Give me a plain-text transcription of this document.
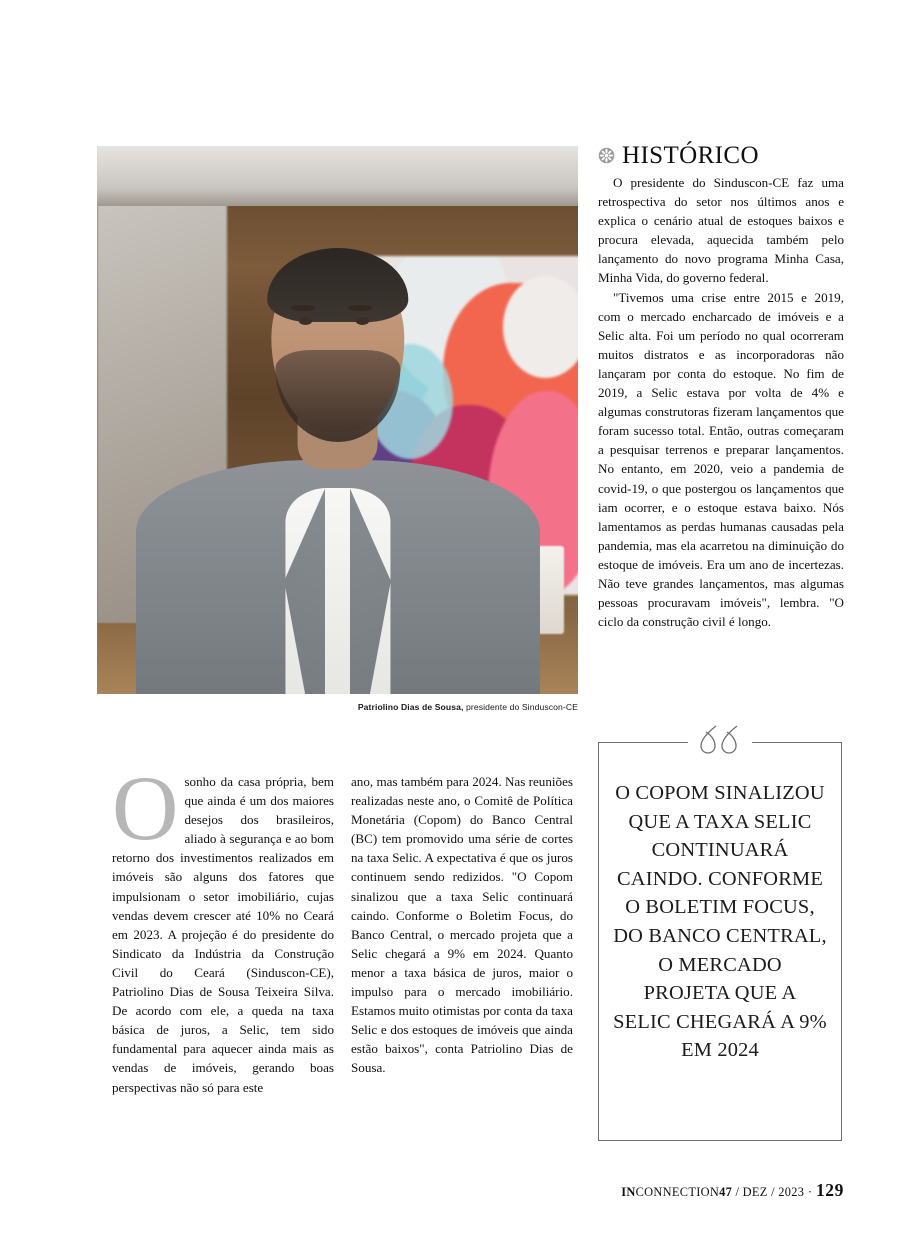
Patriolino Dias de Sousa, presidente do Sinduscon-CE
HISTÓRICO

O presidente do Sinduscon-CE faz uma retrospectiva do setor nos últimos anos e explica o cenário atual de estoques baixos e procura elevada, aquecida também pelo lançamento do novo programa Minha Casa, Minha Vida, do governo federal.

"Tivemos uma crise entre 2015 e 2019, com o mercado encharcado de imóveis e a Selic alta. Foi um período no qual ocorreram muitos distratos e as incorporadoras não lançaram por conta do estoque. No fim de 2019, a Selic estava por volta de 4% e algumas construtoras fizeram lançamentos que foram sucesso total. Então, outras começaram a pesquisar terrenos e preparar lançamentos. No entanto, em 2020, veio a pandemia de covid-19, o que postergou os lançamentos que iam ocorrer, e o estoque estava baixo. Nós lamentamos as perdas humanas causadas pela pandemia, mas ela acarretou na diminuição do estoque de imóveis. Era um ano de incertezas. Não teve grandes lançamentos, mas algumas pessoas procuravam imóveis", lembra. "O ciclo da construção civil é longo.

O COPOM SINALIZOU QUE A TAXA SELIC CONTINUARÁ CAINDO. CONFORME O BOLETIM FOCUS, DO BANCO CENTRAL, O MERCADO PROJETA QUE A SELIC CHEGARÁ A 9% EM 2024

Osonho da casa própria, bem que ainda é um dos maiores desejos dos brasileiros, aliado à segurança e ao bom retorno dos investimentos realizados em imóveis são alguns dos fatores que impulsionam o setor imobiliário, cujas vendas devem crescer até 10% no Ceará em 2023. A projeção é do presidente do Sindicato da Indústria da Construção Civil do Ceará (Sinduscon-CE), Patriolino Dias de Sousa Teixeira Silva. De acordo com ele, a queda na taxa básica de juros, a Selic, tem sido fundamental para aquecer ainda mais as vendas de imóveis, gerando boas perspectivas não só para este

ano, mas também para 2024. Nas reuniões realizadas neste ano, o Comitê de Política Monetária (Copom) do Banco Central (BC) tem promovido uma série de cortes na taxa Selic. A expectativa é que os juros continuem sendo redizidos. "O Copom sinalizou que a taxa Selic continuará caindo. Conforme o Boletim Focus, do Banco Central, o mercado projeta que a Selic chegará a 9% em 2024. Quanto menor a taxa básica de juros, maior o impulso para o mercado imobiliário. Estamos muito otimistas por conta da taxa Selic e dos estoques de imóveis que ainda estão baixos", conta Patriolino Dias de Sousa.

INCONNECTION47 / DEZ / 2023 · 129
